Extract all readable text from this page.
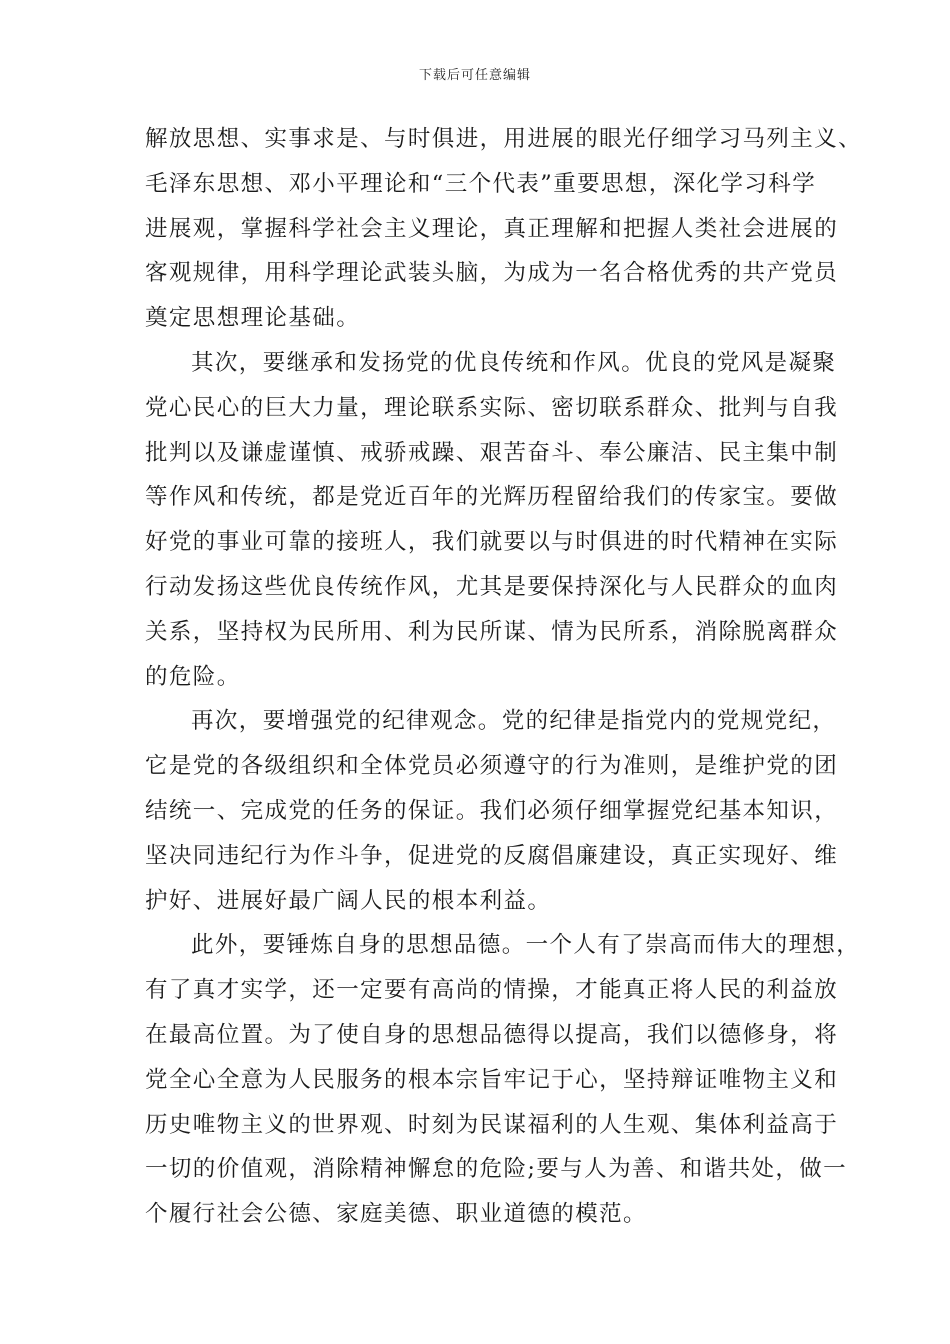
下载后可任意编辑
解放思想、实事求是、与时俱进，用进展的眼光仔细学习马列主义、
毛泽东思想、邓小平理论和“三个代表”重要思想，深化学习科学
进展观，掌握科学社会主义理论，真正理解和把握人类社会进展的
客观规律，用科学理论武装头脑，为成为一名合格优秀的共产党员
奠定思想理论基础。
其次，要继承和发扬党的优良传统和作风。优良的党风是凝聚
党心民心的巨大力量，理论联系实际、密切联系群众、批判与自我
批判以及谦虚谨慎、戒骄戒躁、艰苦奋斗、奉公廉洁、民主集中制
等作风和传统，都是党近百年的光辉历程留给我们的传家宝。要做
好党的事业可靠的接班人，我们就要以与时俱进的时代精神在实际
行动发扬这些优良传统作风，尤其是要保持深化与人民群众的血肉
关系，坚持权为民所用、利为民所谋、情为民所系，消除脱离群众
的危险。
再次，要增强党的纪律观念。党的纪律是指党内的党规党纪，
它是党的各级组织和全体党员必须遵守的行为准则，是维护党的团
结统一、完成党的任务的保证。我们必须仔细掌握党纪基本知识，
坚决同违纪行为作斗争，促进党的反腐倡廉建设，真正实现好、维
护好、进展好最广阔人民的根本利益。
此外，要锤炼自身的思想品德。一个人有了崇高而伟大的理想，
有了真才实学，还一定要有高尚的情操，才能真正将人民的利益放
在最高位置。为了使自身的思想品德得以提高，我们以德修身，将
党全心全意为人民服务的根本宗旨牢记于心，坚持辩证唯物主义和
历史唯物主义的世界观、时刻为民谋福利的人生观、集体利益高于
一切的价值观，消除精神懈怠的危险;要与人为善、和谐共处，做一
个履行社会公德、家庭美德、职业道德的模范。
